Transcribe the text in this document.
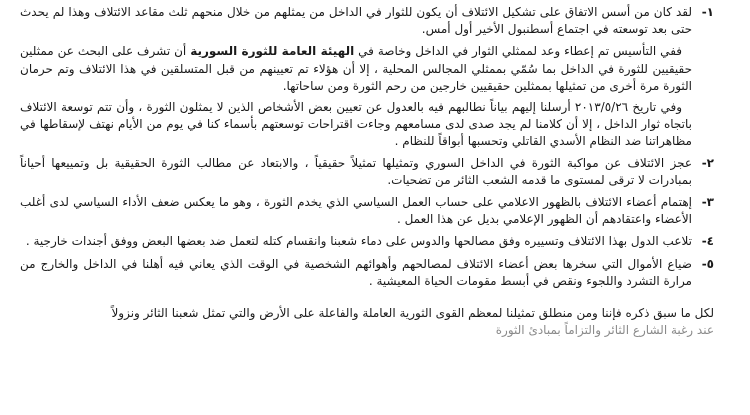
١-

لقد كان من أسس الاتفاق على تشكيل الائتلاف أن يكون للثوار في الداخل من يمثلهم من خلال منحهم ثلث مقاعد الائتلاف وهذا لم يحدث حتى بعد توسعته في اجتماع أسطنبول الأخير أول أمس.

ففي التأسيس تم إعطاء وعد لممثلي الثوار في الداخل وخاصة في الهيئة العامة للثورة السورية أن تشرف على البحث عن ممثلين حقيقيين للثورة في الداخل بما سُمّي بممثلي المجالس المحلية ، إلا أن هؤلاء تم تعيينهم من قبل المتسلقين في هذا الائتلاف وتم حرمان الثورة مرة أخرى من تمثيلها بممثلين حقيقيين خارجين من رحم الثورة ومن ساحاتها.

وفي تاريخ ٢٠١٣/٥/٢٦ أرسلنا إليهم بياناً نطالبهم فيه بالعدول عن تعيين بعض الأشخاص الذين لا يمثلون الثورة ، وأن تتم توسعة الائتلاف باتجاه ثوار الداخل ، إلا أن كلامنا لم يجد صدى لدى مسامعهم وجاءت اقتراحات توسعتهم بأسماء كنا في يوم من الأيام نهتف لإسقاطها في مظاهراتنا ضد النظام الأسدي القاتلي وتحسبها أبواقاً للنظام .

٢-

عجز الائتلاف عن مواكبة الثورة في الداخل السوري وتمثيلها تمثيلاً حقيقياً ، والابتعاد عن مطالب الثورة الحقيقية بل وتمييعها أحياناً بمبادرات لا ترقى لمستوى ما قدمه الشعب الثائر من تضحيات.

٣-

إهتمام أعضاء الائتلاف بالظهور الاعلامي على حساب العمل السياسي الذي يخدم الثورة ، وهو ما يعكس ضعف الأداء السياسي لدى أغلب الأعضاء واعتقادهم أن الظهور الإعلامي بديل عن هذا العمل .

٤-

تلاعب الدول بهذا الائتلاف وتسييره وفق مصالحها والدوس على دماء شعبنا وانقسام كتله لتعمل ضد بعضها البعض ووفق أجندات خارجية .

٥-

ضياع الأموال التي سخرها بعض أعضاء الائتلاف لمصالحهم وأهوائهم الشخصية في الوقت الذي يعاني فيه أهلنا في الداخل والخارج من مرارة التشرد واللجوء ونقص في أبسط مقومات الحياة المعيشية .

لكل ما سبق ذكره فإننا ومن منطلق تمثيلنا لمعظم القوى الثورية العاملة والفاعلة على الأرض والتي تمثل شعبنا الثائر ونزولاً

عند رغبة الشارع الثائر والتزاماً بمبادئ الثورة
